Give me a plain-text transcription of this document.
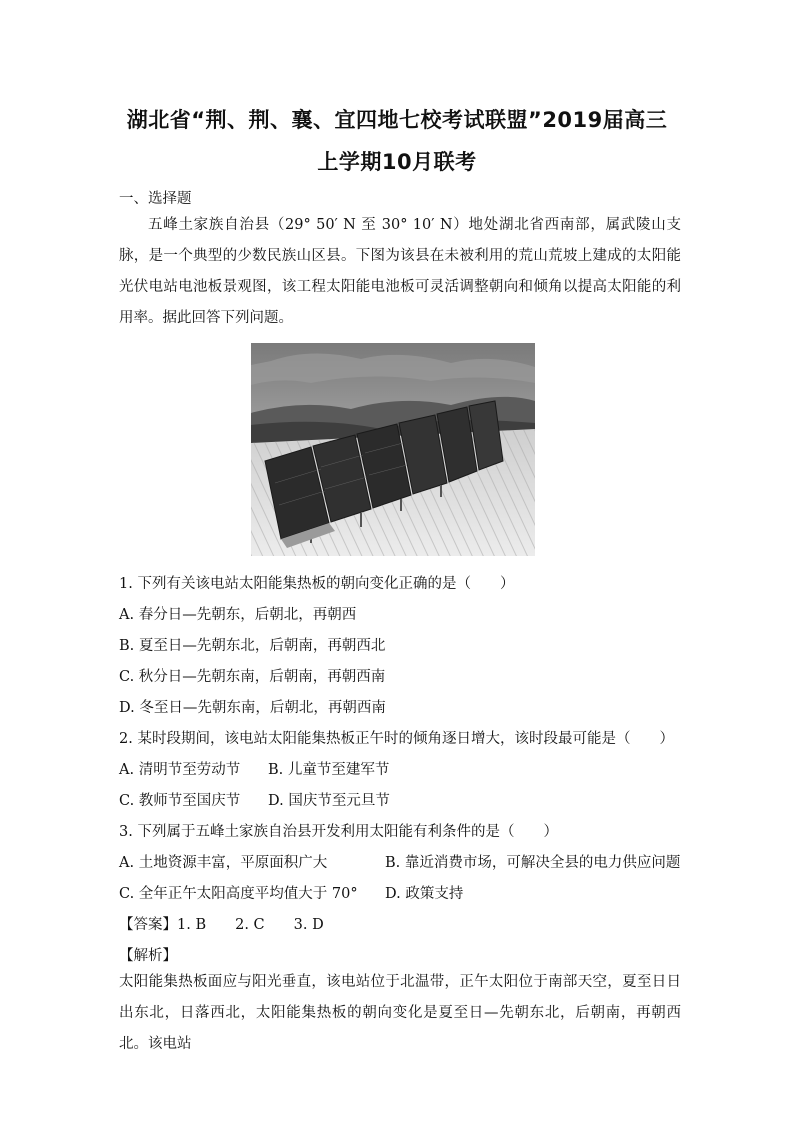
湖北省“荆、荆、襄、宜四地七校考试联盟”2019届高三
上学期10月联考
一、选择题
五峰土家族自治县（29° 50′ N 至 30° 10′ N）地处湖北省西南部，属武陵山支脉，是一个典型的少数民族山区县。下图为该县在未被利用的荒山荒坡上建成的太阳能光伏电站电池板景观图，该工程太阳能电池板可灵活调整朝向和倾角以提高太阳能的利用率。据此回答下列问题。
1. 下列有关该电站太阳能集热板的朝向变化正确的是（　　）
A. 春分日—先朝东，后朝北，再朝西
B. 夏至日—先朝东北，后朝南，再朝西北
C. 秋分日—先朝东南，后朝南，再朝西南
D. 冬至日—先朝东南，后朝北，再朝西南
2. 某时段期间，该电站太阳能集热板正午时的倾角逐日增大，该时段最可能是（　　）
A. 清明节至劳动节 B. 儿童节至建军节
C. 教师节至国庆节 D. 国庆节至元旦节
3. 下列属于五峰土家族自治县开发利用太阳能有利条件的是（　　）
A. 土地资源丰富，平原面积广大	B. 靠近消费市场，可解决全县的电力供应问题
C. 全年正午太阳高度平均值大于 70° D. 政策支持
【答案】1. B　　2. C　　3. D
【解析】
太阳能集热板面应与阳光垂直，该电站位于北温带，正午太阳位于南部天空，夏至日日出东北，日落西北，太阳能集热板的朝向变化是夏至日—先朝东北，后朝南，再朝西北。该电站
